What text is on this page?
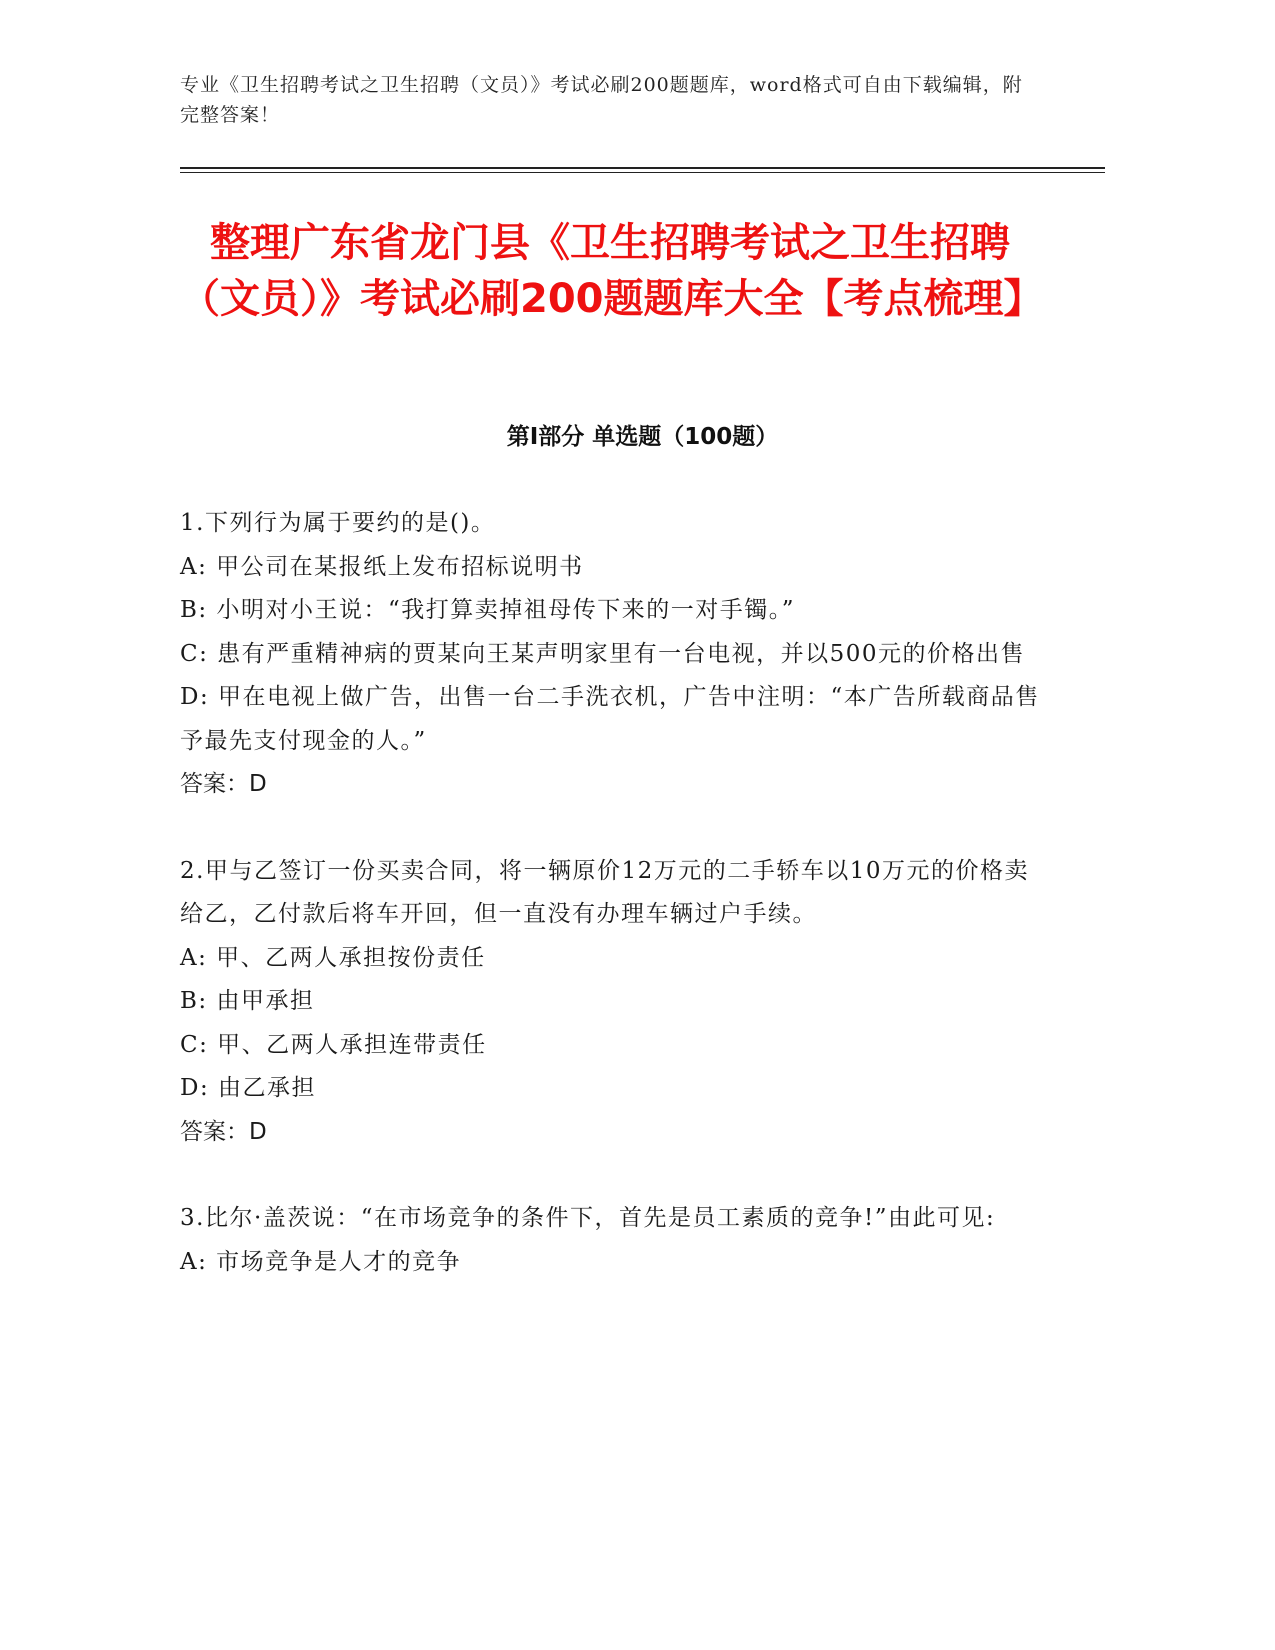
专业《卫生招聘考试之卫生招聘（文员）》考试必刷200题题库，word格式可自由下载编辑，附完整答案！
整理广东省龙门县《卫生招聘考试之卫生招聘（文员）》考试必刷200题题库大全【考点梳理】
第I部分 单选题（100题）
1.下列行为属于要约的是()。
A: 甲公司在某报纸上发布招标说明书
B: 小明对小王说：“我打算卖掉祖母传下来的一对手镯。”
C: 患有严重精神病的贾某向王某声明家里有一台电视，并以500元的价格出售
D: 甲在电视上做广告，出售一台二手洗衣机，广告中注明：“本广告所载商品售予最先支付现金的人。”
答案：D
2.甲与乙签订一份买卖合同，将一辆原价12万元的二手轿车以10万元的价格卖给乙，乙付款后将车开回，但一直没有办理车辆过户手续。
A: 甲、乙两人承担按份责任
B: 由甲承担
C: 甲、乙两人承担连带责任
D: 由乙承担
答案：D
3.比尔·盖茨说：“在市场竞争的条件下，首先是员工素质的竞争!”由此可见:
A: 市场竞争是人才的竞争
